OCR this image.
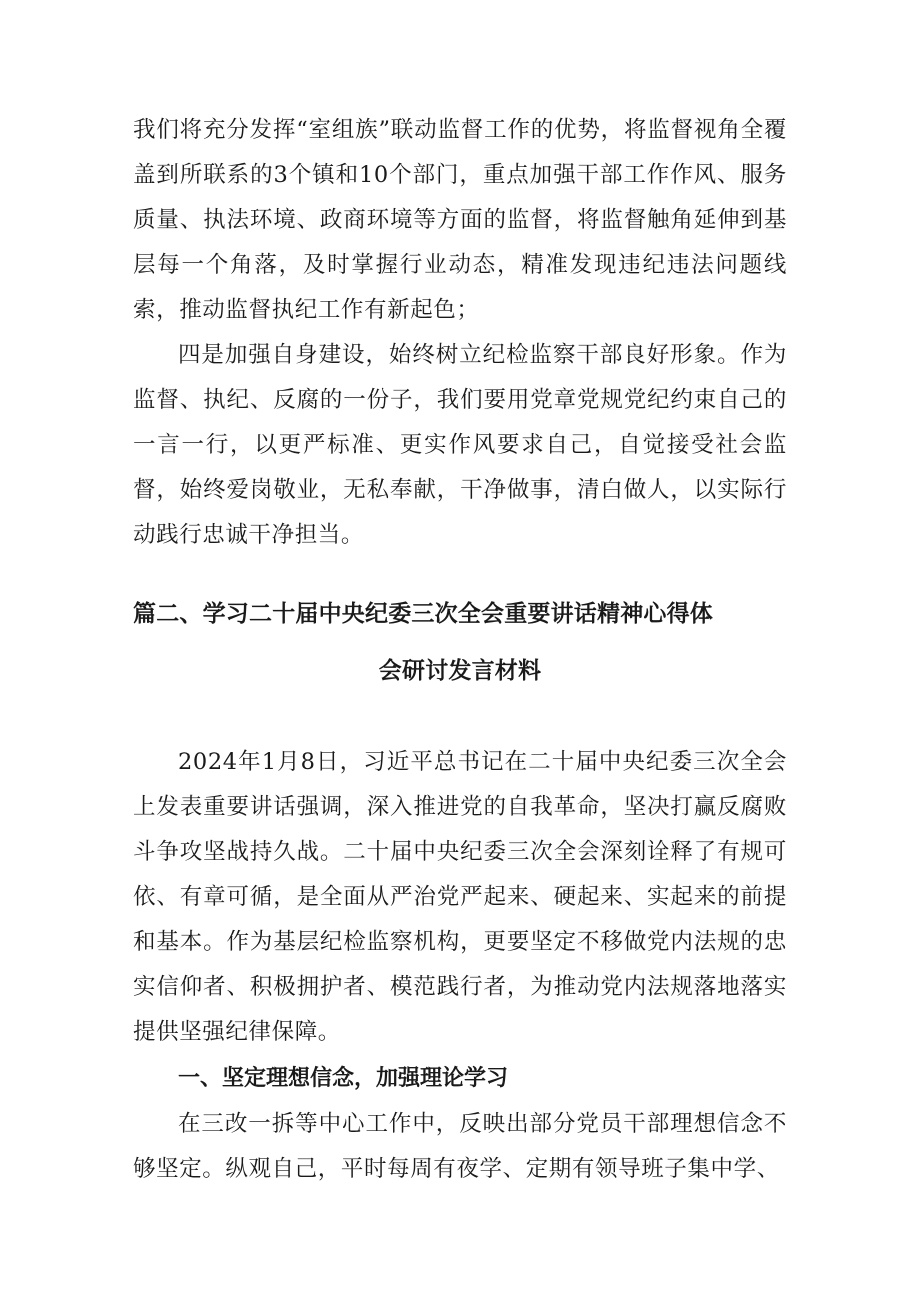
我们将充分发挥“室组族”联动监督工作的优势，将监督视角全覆盖到所联系的3个镇和10个部门，重点加强干部工作作风、服务质量、执法环境、政商环境等方面的监督，将监督触角延伸到基层每一个角落，及时掌握行业动态，精准发现违纪违法问题线索，推动监督执纪工作有新起色；

四是加强自身建设，始终树立纪检监察干部良好形象。作为监督、执纪、反腐的一份子，我们要用党章党规党纪约束自己的一言一行，以更严标准、更实作风要求自己，自觉接受社会监督，始终爱岗敬业，无私奉献，干净做事，清白做人，以实际行动践行忠诚干净担当。

篇二、学习二十届中央纪委三次全会重要讲话精神心得体

会研讨发言材料

2024年1月8日，习近平总书记在二十届中央纪委三次全会上发表重要讲话强调，深入推进党的自我革命，坚决打赢反腐败斗争攻坚战持久战。二十届中央纪委三次全会深刻诠释了有规可依、有章可循，是全面从严治党严起来、硬起来、实起来的前提和基本。作为基层纪检监察机构，更要坚定不移做党内法规的忠实信仰者、积极拥护者、模范践行者，为推动党内法规落地落实提供坚强纪律保障。

一、坚定理想信念，加强理论学习

在三改一拆等中心工作中，反映出部分党员干部理想信念不够坚定。纵观自己，平时每周有夜学、定期有领导班子集中学、
